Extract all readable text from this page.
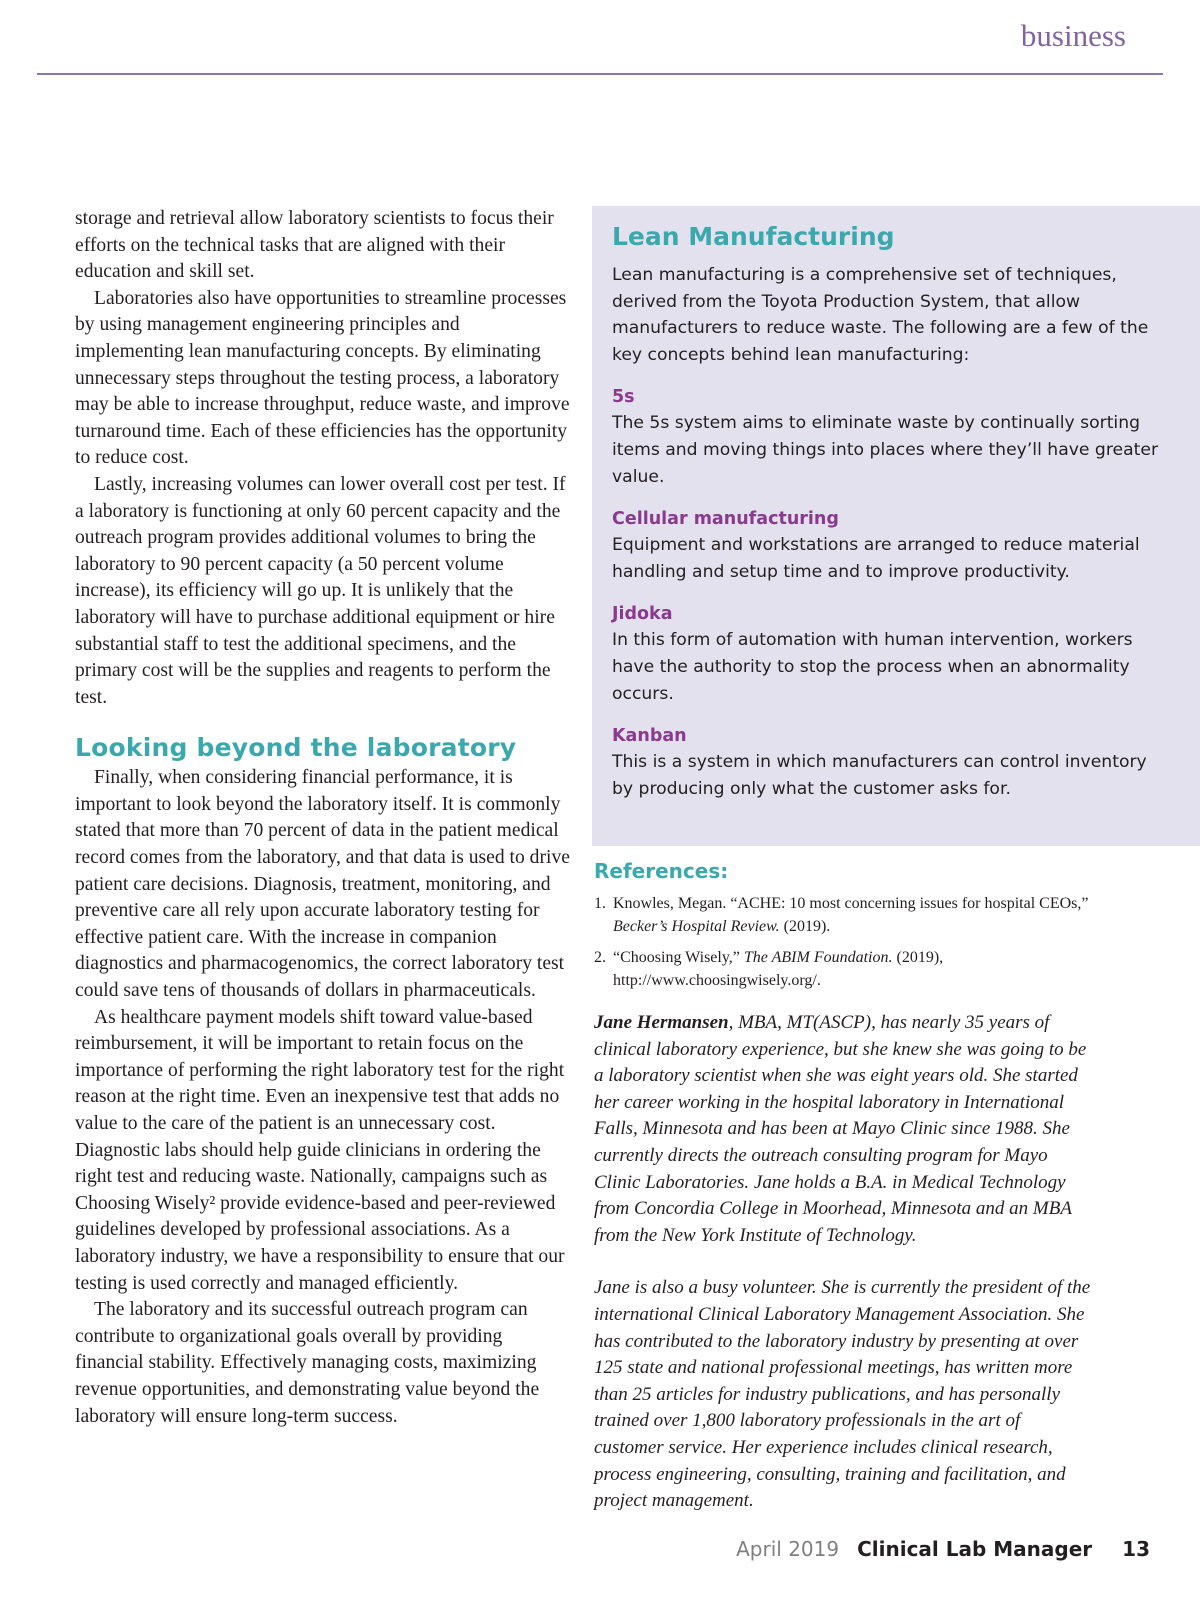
business

storage and retrieval allow laboratory scientists to focus their efforts on the technical tasks that are aligned with their education and skill set.

Laboratories also have opportunities to streamline processes by using management engineering principles and implementing lean manufacturing concepts. By eliminating unnecessary steps throughout the testing process, a laboratory may be able to increase throughput, reduce waste, and improve turnaround time. Each of these efficiencies has the opportunity to reduce cost.

Lastly, increasing volumes can lower overall cost per test. If a laboratory is functioning at only 60 percent capacity and the outreach program provides additional volumes to bring the laboratory to 90 percent capacity (a 50 percent volume increase), its efficiency will go up. It is unlikely that the laboratory will have to purchase additional equipment or hire substantial staff to test the additional specimens, and the primary cost will be the supplies and reagents to perform the test.

Looking beyond the laboratory

Finally, when considering financial performance, it is important to look beyond the laboratory itself. It is commonly stated that more than 70 percent of data in the patient medical record comes from the laboratory, and that data is used to drive patient care decisions. Diagnosis, treatment, monitoring, and preventive care all rely upon accurate laboratory testing for effective patient care. With the increase in companion diagnostics and pharmacogenomics, the correct laboratory test could save tens of thousands of dollars in pharmaceuticals.

As healthcare payment models shift toward value-based reimbursement, it will be important to retain focus on the importance of performing the right laboratory test for the right reason at the right time. Even an inexpensive test that adds no value to the care of the patient is an unnecessary cost. Diagnostic labs should help guide clinicians in ordering the right test and reducing waste. Nationally, campaigns such as Choosing Wisely² provide evidence-based and peer-reviewed guidelines developed by professional associations. As a laboratory industry, we have a responsibility to ensure that our testing is used correctly and managed efficiently.

The laboratory and its successful outreach program can contribute to organizational goals overall by providing financial stability. Effectively managing costs, maximizing revenue opportunities, and demonstrating value beyond the laboratory will ensure long-term success.

Lean Manufacturing

Lean manufacturing is a comprehensive set of techniques, derived from the Toyota Production System, that allow manufacturers to reduce waste. The following are a few of the key concepts behind lean manufacturing:

5s

The 5s system aims to eliminate waste by continually sorting items and moving things into places where they’ll have greater value.

Cellular manufacturing

Equipment and workstations are arranged to reduce material handling and setup time and to improve productivity.

Jidoka

In this form of automation with human intervention, workers have the authority to stop the process when an abnormality occurs.

Kanban

This is a system in which manufacturers can control inventory by producing only what the customer asks for.

References:
1. Knowles, Megan. “ACHE: 10 most concerning issues for hospital CEOs,” Becker’s Hospital Review. (2019).
2. “Choosing Wisely,” The ABIM Foundation. (2019), http://www.choosingwisely.org/.

Jane Hermansen, MBA, MT(ASCP), has nearly 35 years of clinical laboratory experience, but she knew she was going to be a laboratory scientist when she was eight years old. She started her career working in the hospital laboratory in International Falls, Minnesota and has been at Mayo Clinic since 1988. She currently directs the outreach consulting program for Mayo Clinic Laboratories. Jane holds a B.A. in Medical Technology from Concordia College in Moorhead, Minnesota and an MBA from the New York Institute of Technology.

Jane is also a busy volunteer. She is currently the president of the international Clinical Laboratory Management Association. She has contributed to the laboratory industry by presenting at over 125 state and national professional meetings, has written more than 25 articles for industry publications, and has personally trained over 1,800 laboratory professionals in the art of customer service. Her experience includes clinical research, process engineering, consulting, training and facilitation, and project management.

April 2019 Clinical Lab Manager 13
